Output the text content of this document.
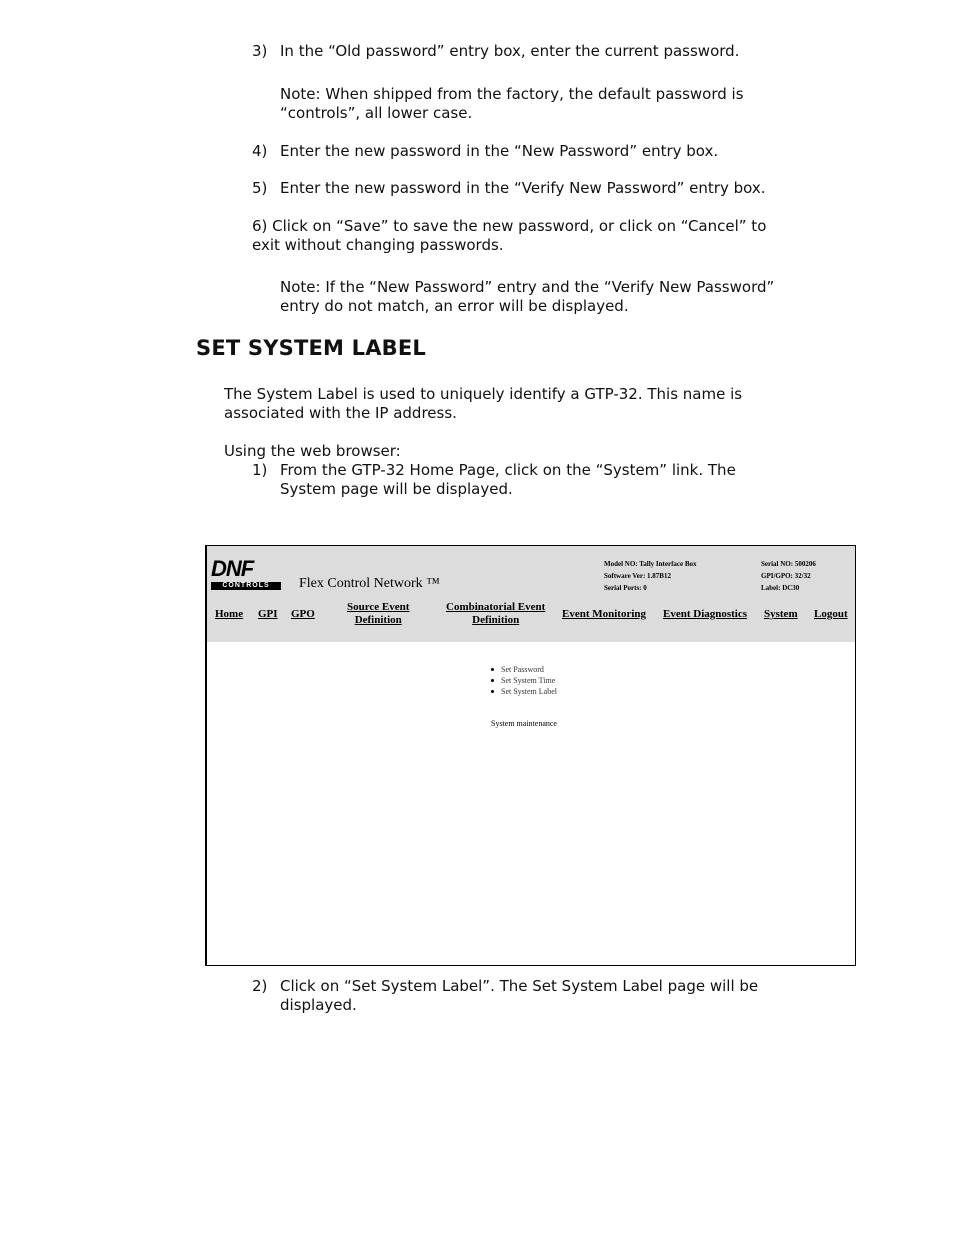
3) In the “Old password” entry box, enter the current password.

Note: When shipped from the factory, the default password is

“controls”, all lower case.

4) Enter the new password in the “New Password” entry box.

5) Enter the new password in the “Verify New Password” entry box.

6) Click on “Save” to save the new password, or click on “Cancel” to

exit without changing passwords.

Note: If the “New Password” entry and the “Verify New Password”

entry do not match, an error will be displayed.

SET SYSTEM LABEL

The System Label is used to uniquely identify a GTP-32. This name is

associated with the IP address.

Using the web browser:

1) From the GTP-32 Home Page, click on the “System” link. The

System page will be displayed.

DNF
CONTROLS	Flex Control Network ™
Model NO: Tally Interface Box
Software Ver: 1.87B12
Serial Ports: 0
Serial NO: 500206
GPI/GPO: 32/32
Label: DC30
Home GPI GPO
Source Event
Definition
Combinatorial Event
Definition	Event Monitoring Event Diagnostics System Logout
Set Password
Set System Time
Set System Label
System maintenance

2) Click on “Set System Label”. The Set System Label page will be

displayed.
